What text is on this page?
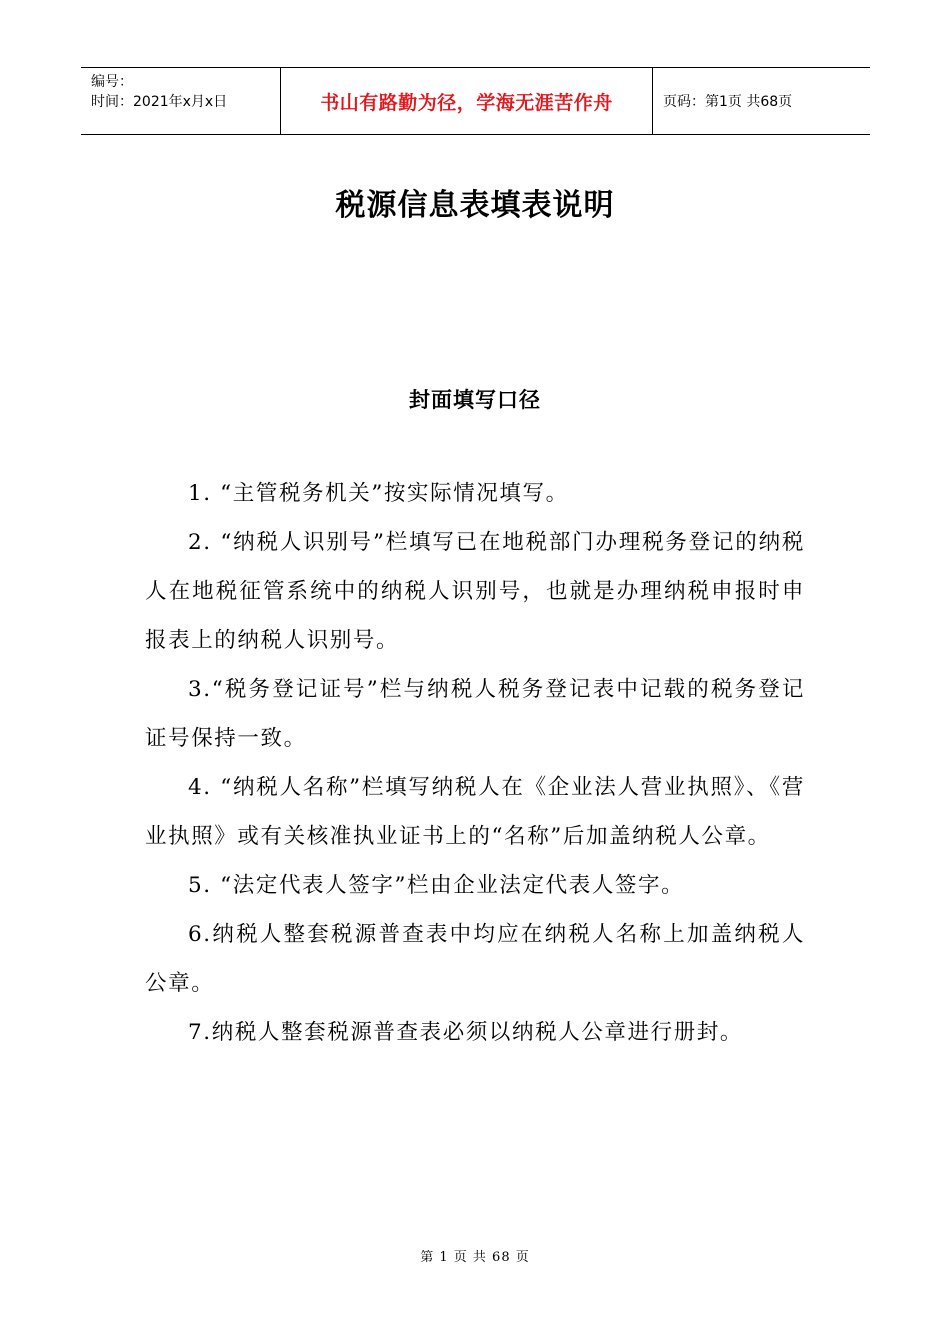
编号：
时间：2021年x月x日	书山有路勤为径，学海无涯苦作舟	页码：第1页 共68页
税源信息表填表说明
封面填写口径

1. “主管税务机关”按实际情况填写。

2. “纳税人识别号”栏填写已在地税部门办理税务登记的纳税人在地税征管系统中的纳税人识别号，也就是办理纳税申报时申报表上的纳税人识别号。

3.“税务登记证号”栏与纳税人税务登记表中记载的税务登记证号保持一致。

4. “纳税人名称”栏填写纳税人在《企业法人营业执照》、《营业执照》或有关核准执业证书上的“名称”后加盖纳税人公章。

5. “法定代表人签字”栏由企业法定代表人签字。

6.纳税人整套税源普查表中均应在纳税人名称上加盖纳税人公章。

7.纳税人整套税源普查表必须以纳税人公章进行册封。

第 1 页 共 68 页
